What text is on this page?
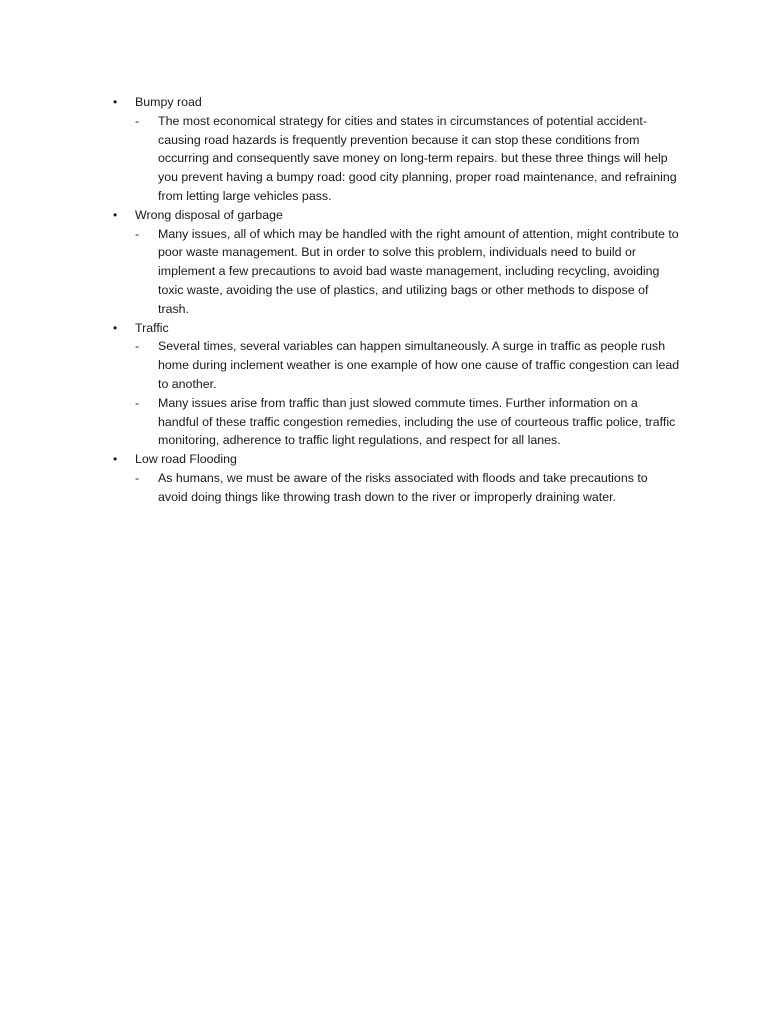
•	Bumpy road
- The most economical strategy for cities and states in circumstances of potential accident-causing road hazards is frequently prevention because it can stop these conditions from occurring and consequently save money on long-term repairs. but these three things will help you prevent having a bumpy road: good city planning, proper road maintenance, and refraining from letting large vehicles pass.
•	Wrong disposal of garbage
- Many issues, all of which may be handled with the right amount of attention, might contribute to poor waste management. But in order to solve this problem, individuals need to build or implement a few precautions to avoid bad waste management, including recycling, avoiding toxic waste, avoiding the use of plastics, and utilizing bags or other methods to dispose of trash.
•	Traffic
- Several times, several variables can happen simultaneously. A surge in traffic as people rush home during inclement weather is one example of how one cause of traffic congestion can lead to another.
- Many issues arise from traffic than just slowed commute times. Further information on a handful of these traffic congestion remedies, including the use of courteous traffic police, traffic monitoring, adherence to traffic light regulations, and respect for all lanes.
•	Low road Flooding
- As humans, we must be aware of the risks associated with floods and take precautions to avoid doing things like throwing trash down to the river or improperly draining water.
